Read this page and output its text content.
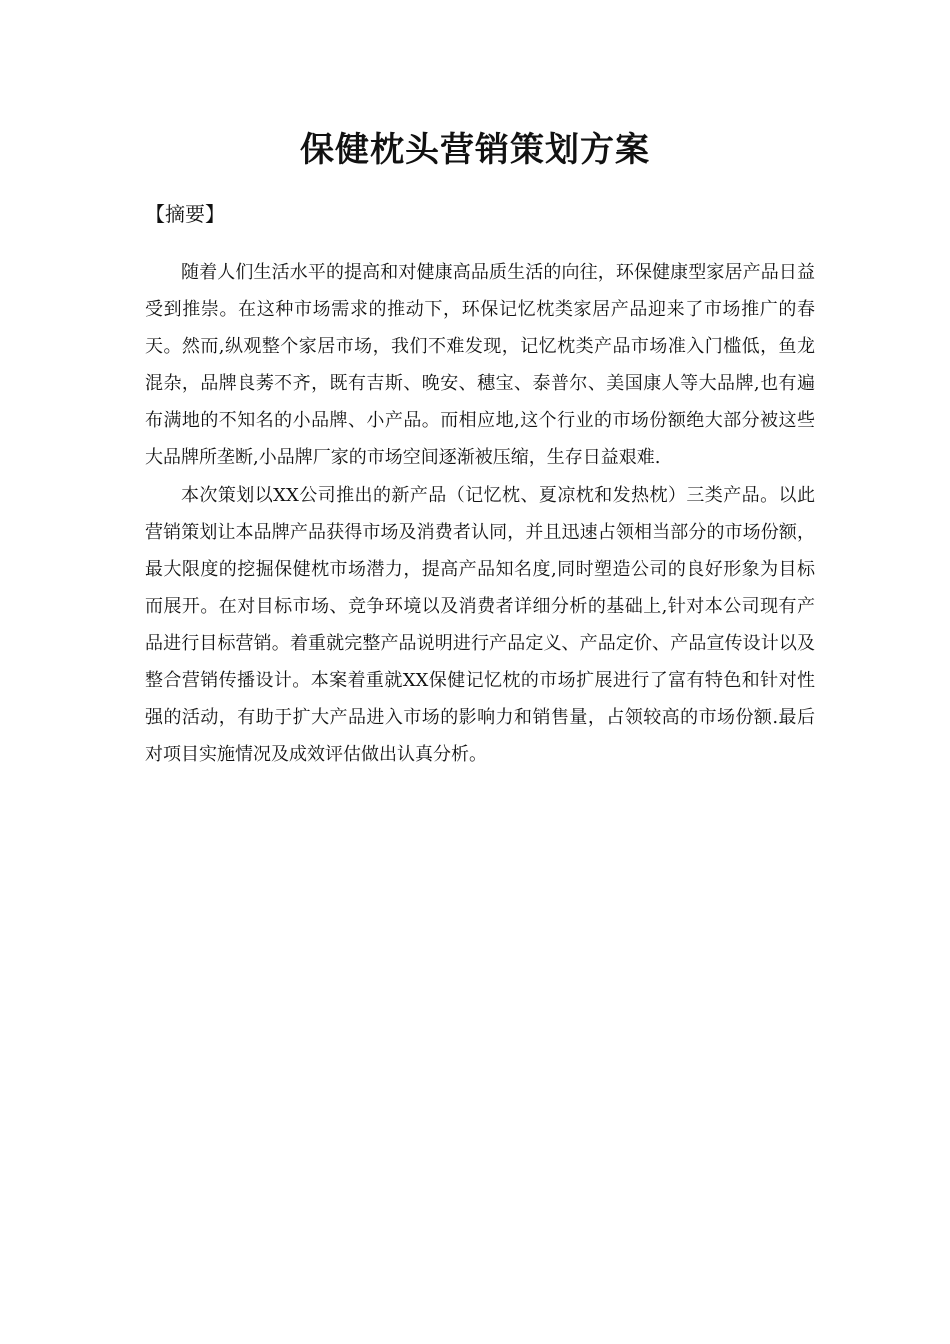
保健枕头营销策划方案
【摘要】

随着人们生活水平的提高和对健康高品质生活的向往，环保健康型家居产品日益受到推崇。在这种市场需求的推动下，环保记忆枕类家居产品迎来了市场推广的春天。然而,纵观整个家居市场，我们不难发现，记忆枕类产品市场准入门槛低，鱼龙混杂，品牌良莠不齐，既有吉斯、晚安、穗宝、泰普尔、美国康人等大品牌,也有遍布满地的不知名的小品牌、小产品。而相应地,这个行业的市场份额绝大部分被这些大品牌所垄断,小品牌厂家的市场空间逐渐被压缩，生存日益艰难.

本次策划以XX公司推出的新产品（记忆枕、夏凉枕和发热枕）三类产品。以此营销策划让本品牌产品获得市场及消费者认同，并且迅速占领相当部分的市场份额，最大限度的挖掘保健枕市场潜力，提高产品知名度,同时塑造公司的良好形象为目标而展开。在对目标市场、竞争环境以及消费者详细分析的基础上,针对本公司现有产品进行目标营销。着重就完整产品说明进行产品定义、产品定价、产品宣传设计以及整合营销传播设计。本案着重就XX保健记忆枕的市场扩展进行了富有特色和针对性强的活动，有助于扩大产品进入市场的影响力和销售量，占领较高的市场份额.最后对项目实施情况及成效评估做出认真分析。
